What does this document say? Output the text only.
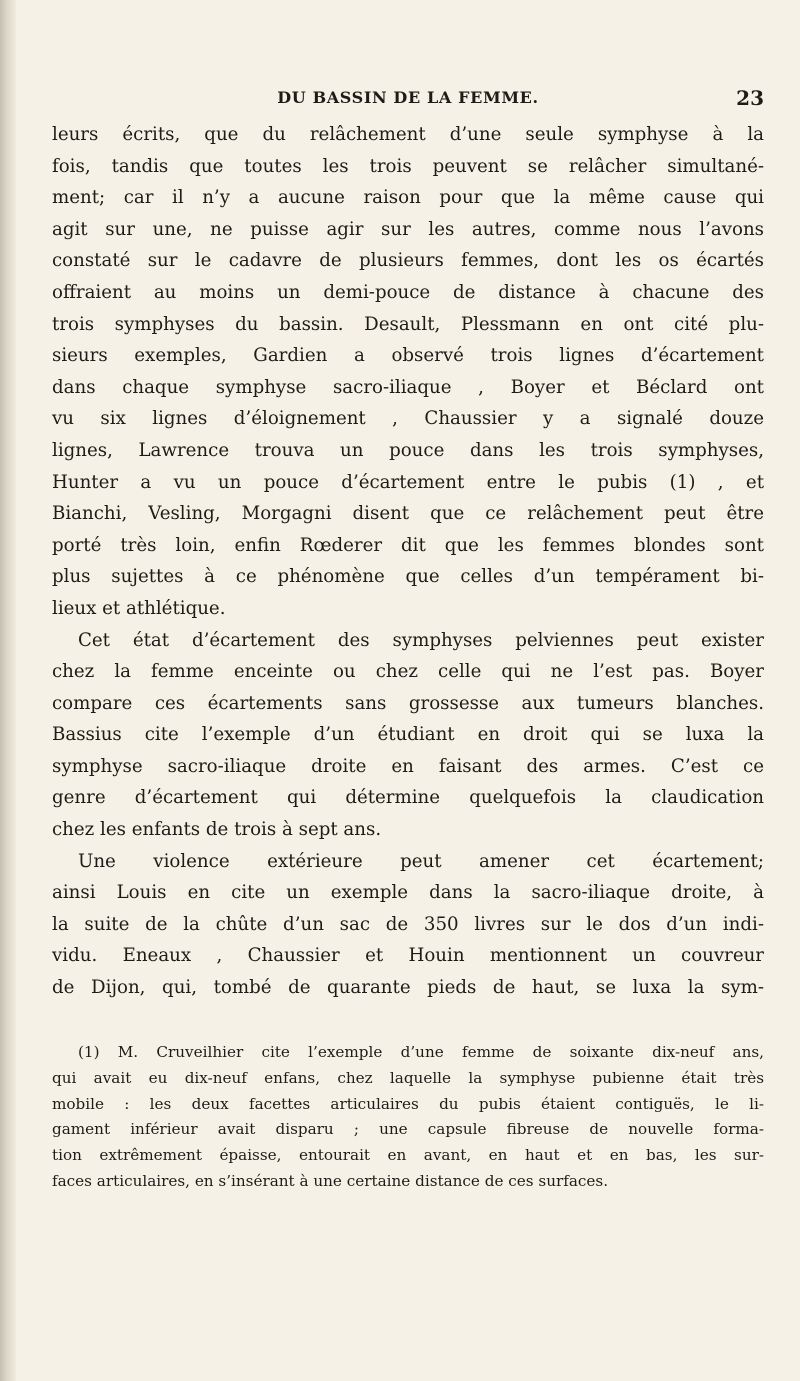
DU BASSIN DE LA FEMME.	23
leurs écrits, que du relâchement d’une seule symphyse à la
fois, tandis que toutes les trois peuvent se relâcher simultané-
ment; car il n’y a aucune raison pour que la même cause qui
agit sur une, ne puisse agir sur les autres, comme nous l’avons
constaté sur le cadavre de plusieurs femmes, dont les os écartés
offraient au moins un demi-pouce de distance à chacune des
trois symphyses du bassin. Desault, Plessmann en ont cité plu-
sieurs exemples, Gardien a observé trois lignes d’écartement
dans chaque symphyse sacro-iliaque , Boyer et Béclard ont
vu six lignes d’éloignement , Chaussier y a signalé douze
lignes, Lawrence trouva un pouce dans les trois symphyses,
Hunter a vu un pouce d’écartement entre le pubis (1) , et
Bianchi, Vesling, Morgagni disent que ce relâchement peut être
porté très loin, enfin Rœderer dit que les femmes blondes sont
plus sujettes à ce phénomène que celles d’un tempérament bi-
lieux et athlétique.
Cet état d’écartement des symphyses pelviennes peut exister
chez la femme enceinte ou chez celle qui ne l’est pas. Boyer
compare ces écartements sans grossesse aux tumeurs blanches.
Bassius cite l’exemple d’un étudiant en droit qui se luxa la
symphyse sacro-iliaque droite en faisant des armes. C’est ce
genre d’écartement qui détermine quelquefois la claudication
chez les enfants de trois à sept ans.
Une violence extérieure peut amener cet écartement;
ainsi Louis en cite un exemple dans la sacro-iliaque droite, à
la suite de la chûte d’un sac de 350 livres sur le dos d’un indi-
vidu. Eneaux , Chaussier et Houin mentionnent un couvreur
de Dijon, qui, tombé de quarante pieds de haut, se luxa la sym-
(1) M. Cruveilhier cite l’exemple d’une femme de soixante dix-neuf ans,
qui avait eu dix-neuf enfans, chez laquelle la symphyse pubienne était très
mobile : les deux facettes articulaires du pubis étaient contiguës, le li-
gament inférieur avait disparu ; une capsule fibreuse de nouvelle forma-
tion extrêmement épaisse, entourait en avant, en haut et en bas, les sur-
faces articulaires, en s’insérant à une certaine distance de ces surfaces.
